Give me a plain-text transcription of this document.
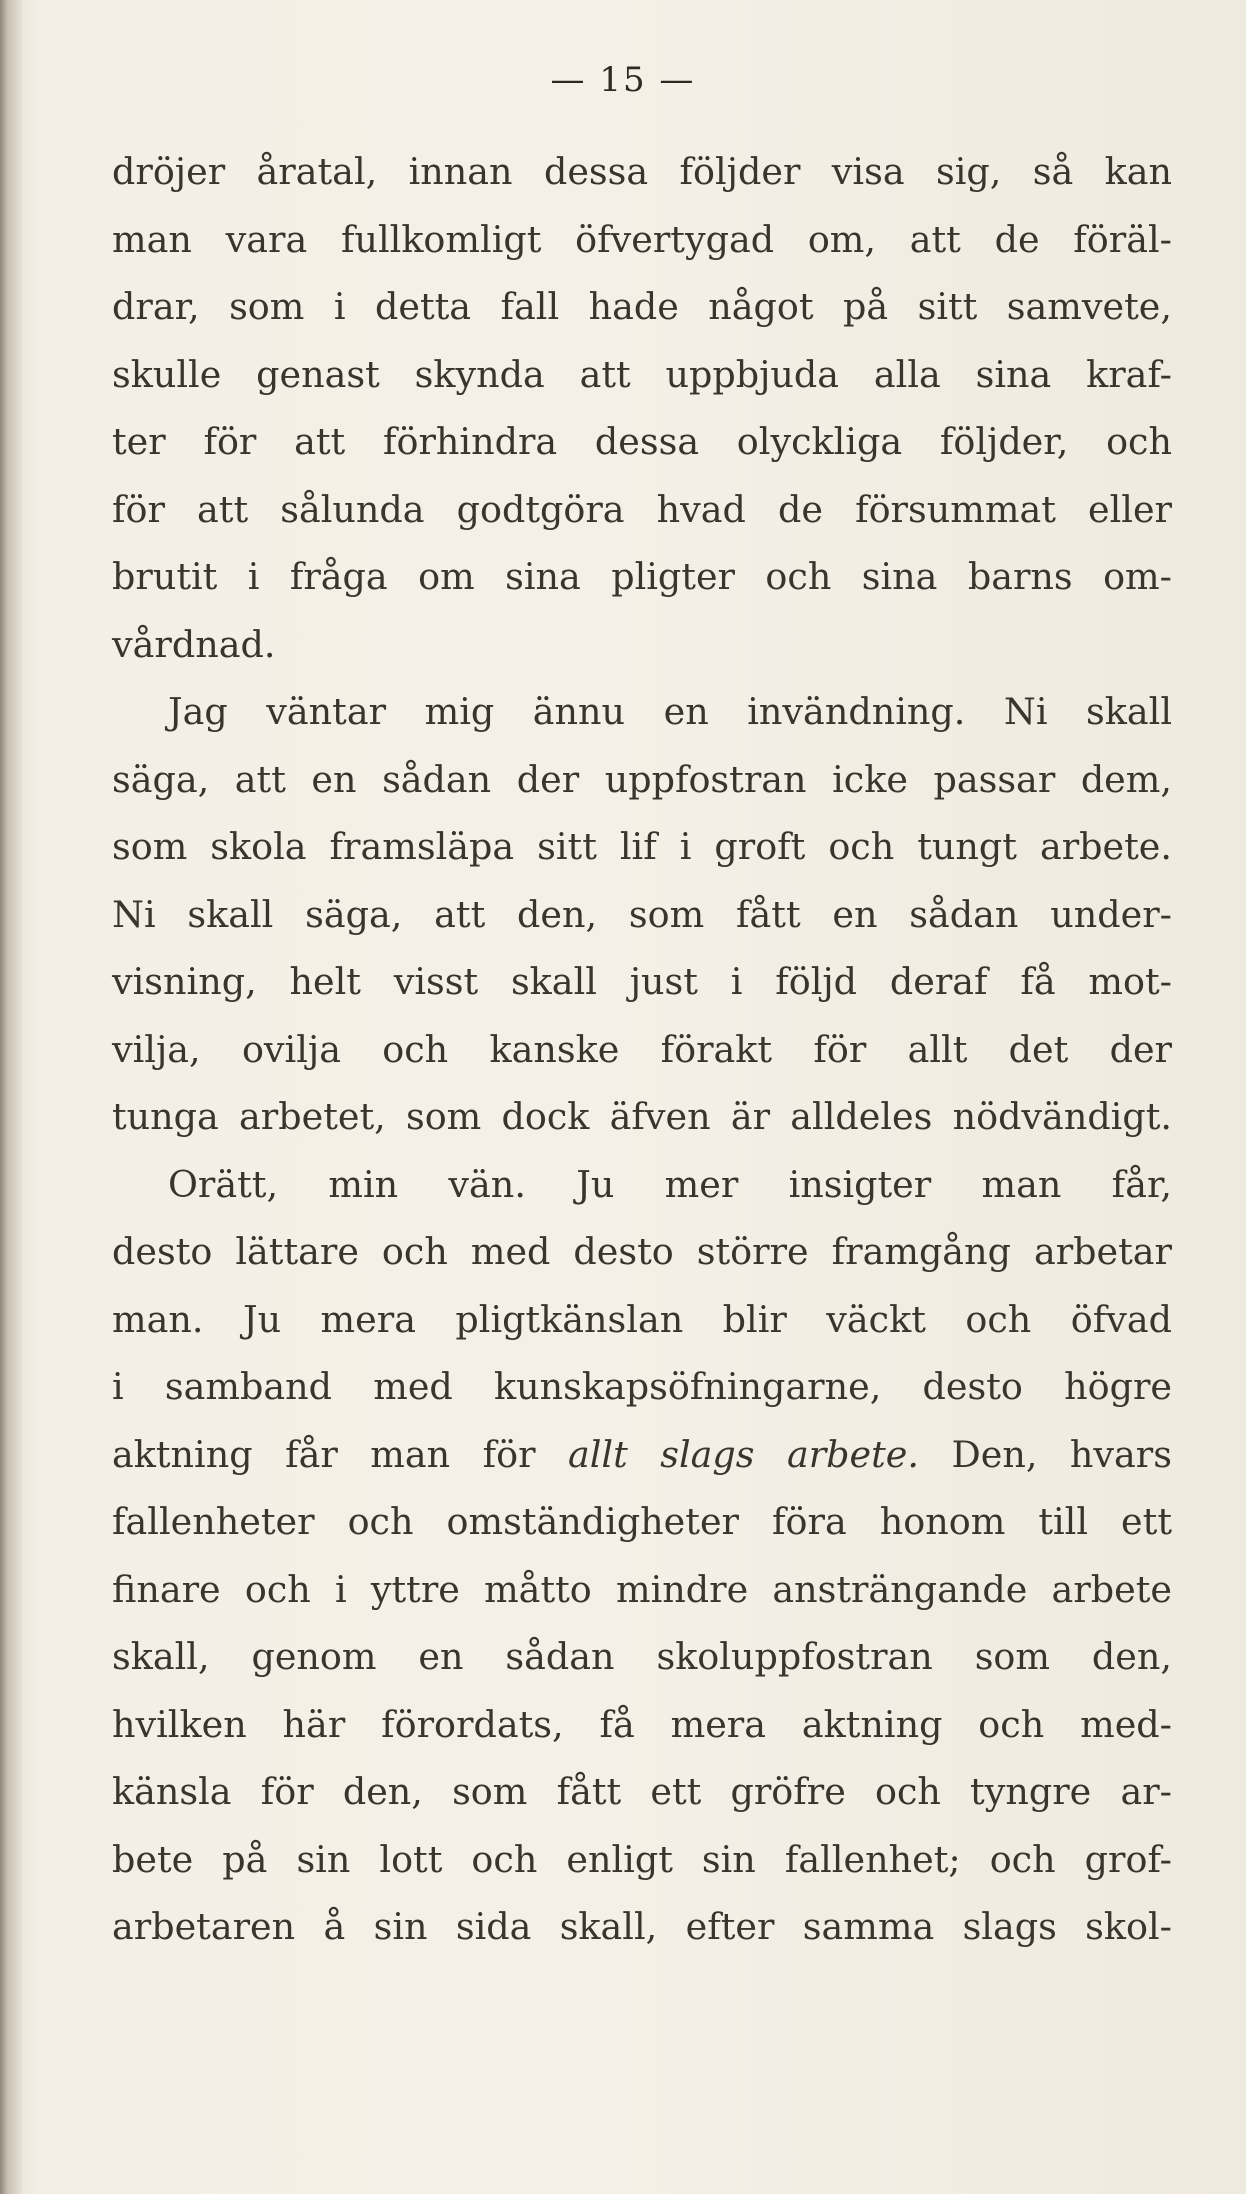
— 15 —
dröjer åratal, innan dessa följder visa sig, så kan
man vara fullkomligt öfvertygad om, att de föräl-
drar, som i detta fall hade något på sitt samvete,
skulle genast skynda att uppbjuda alla sina kraf-
ter för att förhindra dessa olyckliga följder, och
för att sålunda godtgöra hvad de försummat eller
brutit i fråga om sina pligter och sina barns om-
vårdnad.
Jag väntar mig ännu en invändning. Ni skall
säga, att en sådan der uppfostran icke passar dem,
som skola framsläpa sitt lif i groft och tungt arbete.
Ni skall säga, att den, som fått en sådan under-
visning, helt visst skall just i följd deraf få mot-
vilja, ovilja och kanske förakt för allt det der
tunga arbetet, som dock äfven är alldeles nödvändigt.
Orätt, min vän. Ju mer insigter man får,
desto lättare och med desto större framgång arbetar
man. Ju mera pligtkänslan blir väckt och öfvad
i samband med kunskapsöfningarne, desto högre
aktning får man för allt slags arbete. Den, hvars
fallenheter och omständigheter föra honom till ett
finare och i yttre måtto mindre ansträngande arbete
skall, genom en sådan skoluppfostran som den,
hvilken här förordats, få mera aktning och med-
känsla för den, som fått ett gröfre och tyngre ar-
bete på sin lott och enligt sin fallenhet; och grof-
arbetaren å sin sida skall, efter samma slags skol-
